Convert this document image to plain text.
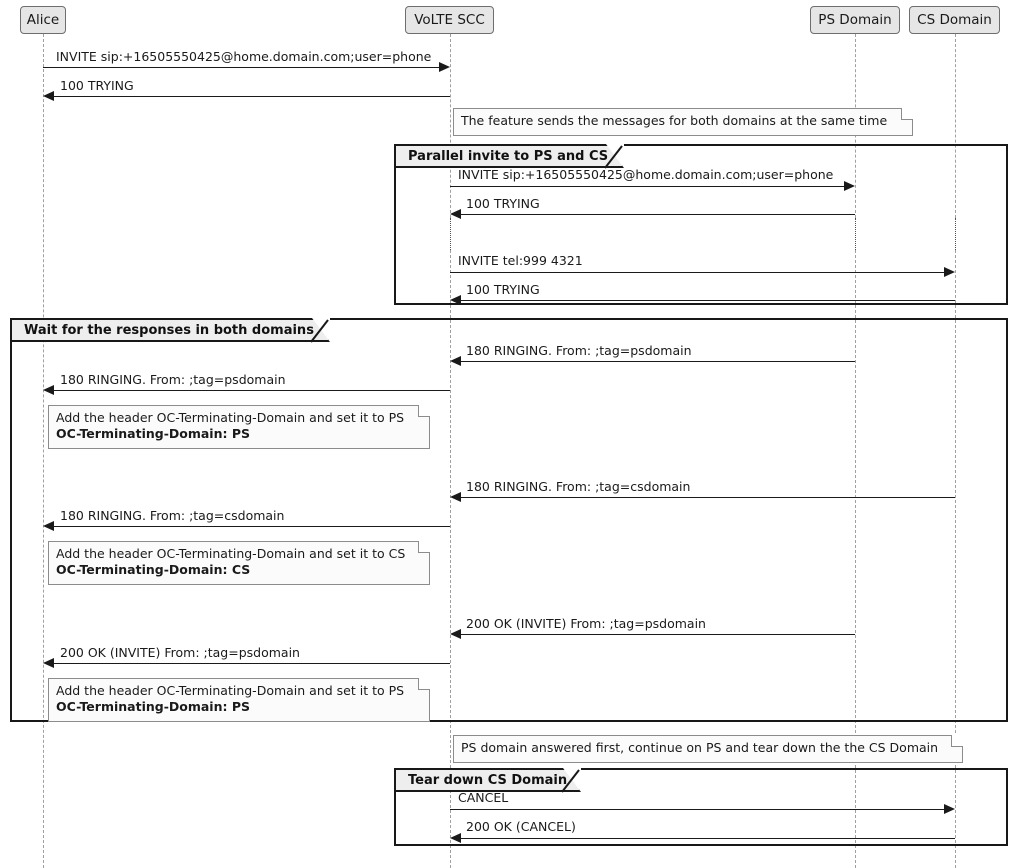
Alice	VoLTE SCC	PS Domain CS Domain
INVITE sip:+16505550425@home.domain.com;user=phone
100 TRYING
The feature sends the messages for both domains at the same time
Parallel invite to PS and CS
INVITE sip:+16505550425@home.domain.com;user=phone
100 TRYING
INVITE tel:999 4321
100 TRYING
Wait for the responses in both domains
180 RINGING. From: ;tag=psdomain
180 RINGING. From: ;tag=psdomain
Add the header OC-Terminating-Domain and set it to PS
OC-Terminating-Domain: PS
180 RINGING. From: ;tag=csdomain
180 RINGING. From: ;tag=csdomain
Add the header OC-Terminating-Domain and set it to CS
OC-Terminating-Domain: CS
200 OK (INVITE) From: ;tag=psdomain
200 OK (INVITE) From: ;tag=psdomain
Add the header OC-Terminating-Domain and set it to PS
OC-Terminating-Domain: PS
PS domain answered first, continue on PS and tear down the the CS Domain
Tear down CS Domain
CANCEL
200 OK (CANCEL)
